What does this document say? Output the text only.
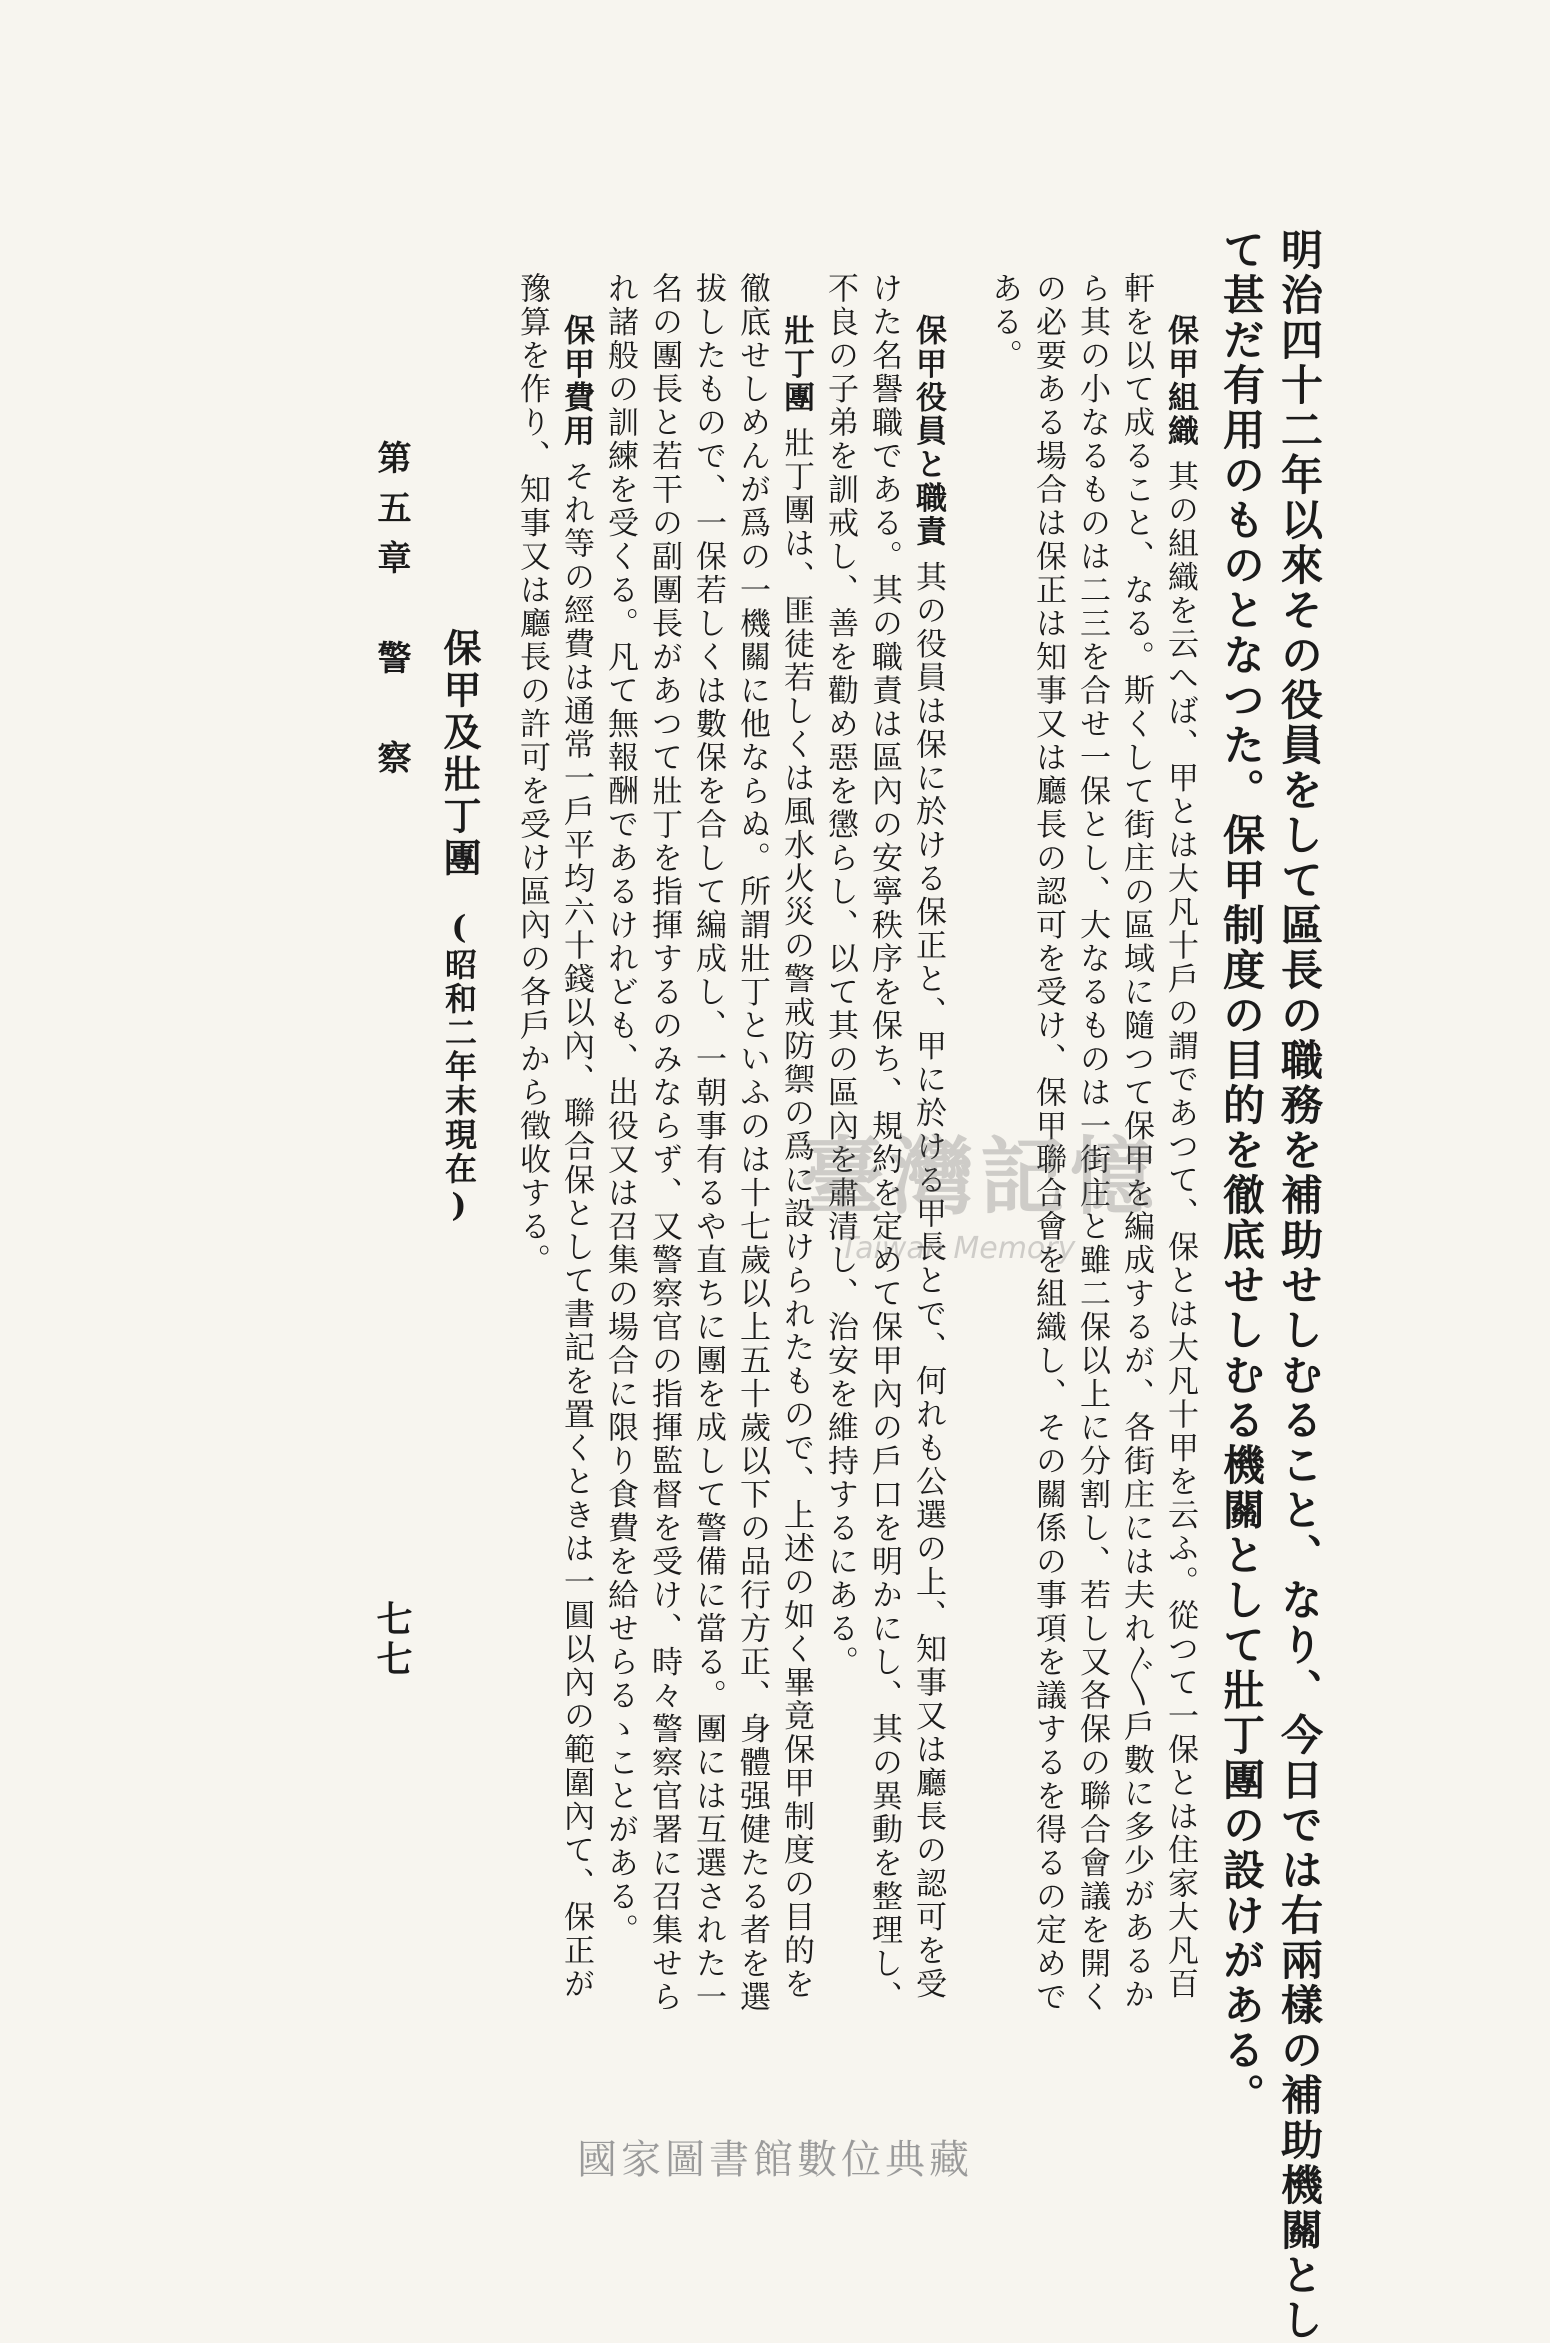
明治四十二年以來その役員をして區長の職務を補助せしむること、なり、今日では右兩樣の補助機關とし
て甚だ有用のものとなつた。保甲制度の目的を徹底せしむる機關として壯丁團の設けがある。
保甲組織其の組織を云へば、甲とは大凡十戶の謂であつて、保とは大凡十甲を云ふ。從つて一保とは住家大凡百
軒を以て成ること、なる。斯くして街庄の區域に隨つて保甲を編成するが、各街庄には夫れ〴〵戶數に多少があるか
ら其の小なるものは二三を合せ一保とし、大なるものは一街庄と雖二保以上に分割し、若し又各保の聯合會議を開く
の必要ある場合は保正は知事又は廳長の認可を受け、保甲聯合會を組織し、その關係の事項を議するを得るの定めで
ある。
保甲役員と職責其の役員は保に於ける保正と、甲に於ける甲長とで、何れも公選の上、知事又は廳長の認可を受
けた名譽職である。其の職責は區內の安寧秩序を保ち、規約を定めて保甲內の戶口を明かにし、其の異動を整理し、
不良の子弟を訓戒し、善を勸め惡を懲らし、以て其の區內を肅清し、治安を維持するにある。
壯丁團壯丁團は、匪徒若しくは風水火災の警戒防禦の爲に設けられたもので、上述の如く畢竟保甲制度の目的を
徹底せしめんが爲の一機關に他ならぬ。所謂壯丁といふのは十七歲以上五十歲以下の品行方正、身體强健たる者を選
拔したもので、一保若しくは數保を合して編成し、一朝事有るや直ちに團を成して警備に當る。團には互選された一
名の團長と若干の副團長があつて壯丁を指揮するのみならず、又警察官の指揮監督を受け、時々警察官署に召集せら
れ諸般の訓練を受くる。凡て無報酬であるけれども、出役又は召集の場合に限り食費を給せらるゝことがある。
保甲費用それ等の經費は通常一戶平均六十錢以內、聯合保として書記を置くときは一圓以內の範圍內て、保正が
豫算を作り、知事又は廳長の許可を受け區內の各戶から徵收する。
保甲及壯丁團(昭和二年末現在)
第五章　警　察
七七
臺灣記憶
Taiwan Memory
國家圖書館數位典藏
